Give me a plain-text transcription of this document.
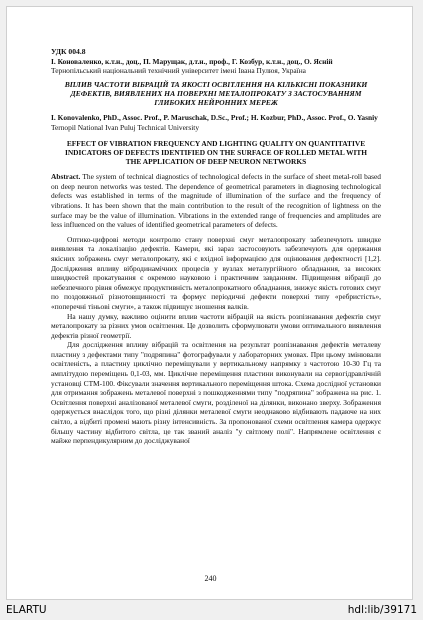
УДК 004.8
І. Коноваленко, к.т.н., доц., П. Марущак, д.т.н., проф., Г. Козбур, к.т.н., доц., О. Ясній
Тернопільський національний технічний університет імені Івана Пулюя, Україна
ВПЛИВ ЧАСТОТИ ВІБРАЦІЙ ТА ЯКОСТІ ОСВІТЛЕННЯ НА КІЛЬКІСНІ ПОКАЗНИКИ ДЕФЕКТІВ, ВИЯВЛЕНИХ НА ПОВЕРХНІ МЕТАЛОПРОКАТУ З ЗАСТОСУВАННЯМ ГЛИБОКИХ НЕЙРОННИХ МЕРЕЖ
I. Konovalenko, PhD., Assoc. Prof., P. Maruschak, D.Sc., Prof.; H. Kozbur, PhD., Assoc. Prof., O. Yasniy
Ternopil National Ivan Puluj Technical University
EFFECT OF VIBRATION FREQUENCY AND LIGHTING QUALITY ON QUANTITATIVE INDICATORS OF DEFECTS IDENTIFIED ON THE SURFACE OF ROLLED METAL WITH THE APPLICATION OF DEEP NEURON NETWORKS
Abstract. The system of technical diagnostics of technological defects in the surface of sheet metal-roll based on deep neuron networks was tested. The dependence of geometrical parameters in diagnosing technological defects was established in terms of the magnitude of illumination of the surface and the frequency of vibrations. It has been shown that the main contribution to the result of the recognition of lightness on the surface may be the value of illumination. Vibrations in the extended range of frequencies and amplitudes are less influenced on the values of identified geometrical parameters of defects.

Оптико-цифрові методи контролю стану поверхні смуг металопрокату забезпечують швидке виявлення та локалізацію дефектів. Камери, які зараз застосовують забезпечують для одержання якісних зображень смуг металопрокату, які є вхідної інформацією для оцінювання дефектності [1,2]. Дослідження впливу вібродинамічних процесів у вузлах металургійного обладнання, за високих швидкостей прокатування є окремою науковою і практичним завданням. Підвищення вібрації до небезпечного рівня обмежує продуктивність металопрокатного обладнання, знижує якість готових смуг по поздовжньої різнотовщинності та формує періодичні дефекти поверхні типу «ребристість», «поперечні тіньові смуги», а також підвищує зношення валків.

На нашу думку, важливо оцінити вплив частоти вібрацій на якість розпізнавання дефектів смуг металопрокату за різних умов освітлення. Це дозволить сформулювати умови оптимального виявлення дефектів різної геометрії.

Для дослідження впливу вібрацій та освітлення на результат розпізнавання дефектів металеву пластину з дефектами типу "подряпина" фотографували у лабораторних умовах. При цьому змінювали освітленість, а пластину циклічно переміщували у вертикальному напрямку з частотою 10-30 Гц та амплітудою переміщень 0,1-03, мм. Циклічне переміщення пластини виконували на сервогідравлічній установці СТМ-100. Фіксували значення вертикального переміщення штока. Схема дослідної установки для отримання зображень металевої поверхні з пошкодженнями типу "подряпина" зображена на рис. 1. Освітлення поверхні аналізованої металевої смуги, розділеної на ділянки, виконано зверху. Зображення одержується внаслідок того, що різні ділянки металевої смуги неоднаково відбивають падаюче на них світло, а відбиті промені мають різну інтенсивність. За пропонованої схеми освітлення камера одержує більшу частину відбитого світла, це так званий аналіз "у світлому полі". Напрямлене освітлення є майже перпендикулярним до досліджуваної

240
ELARTU	hdl:lib/39171
